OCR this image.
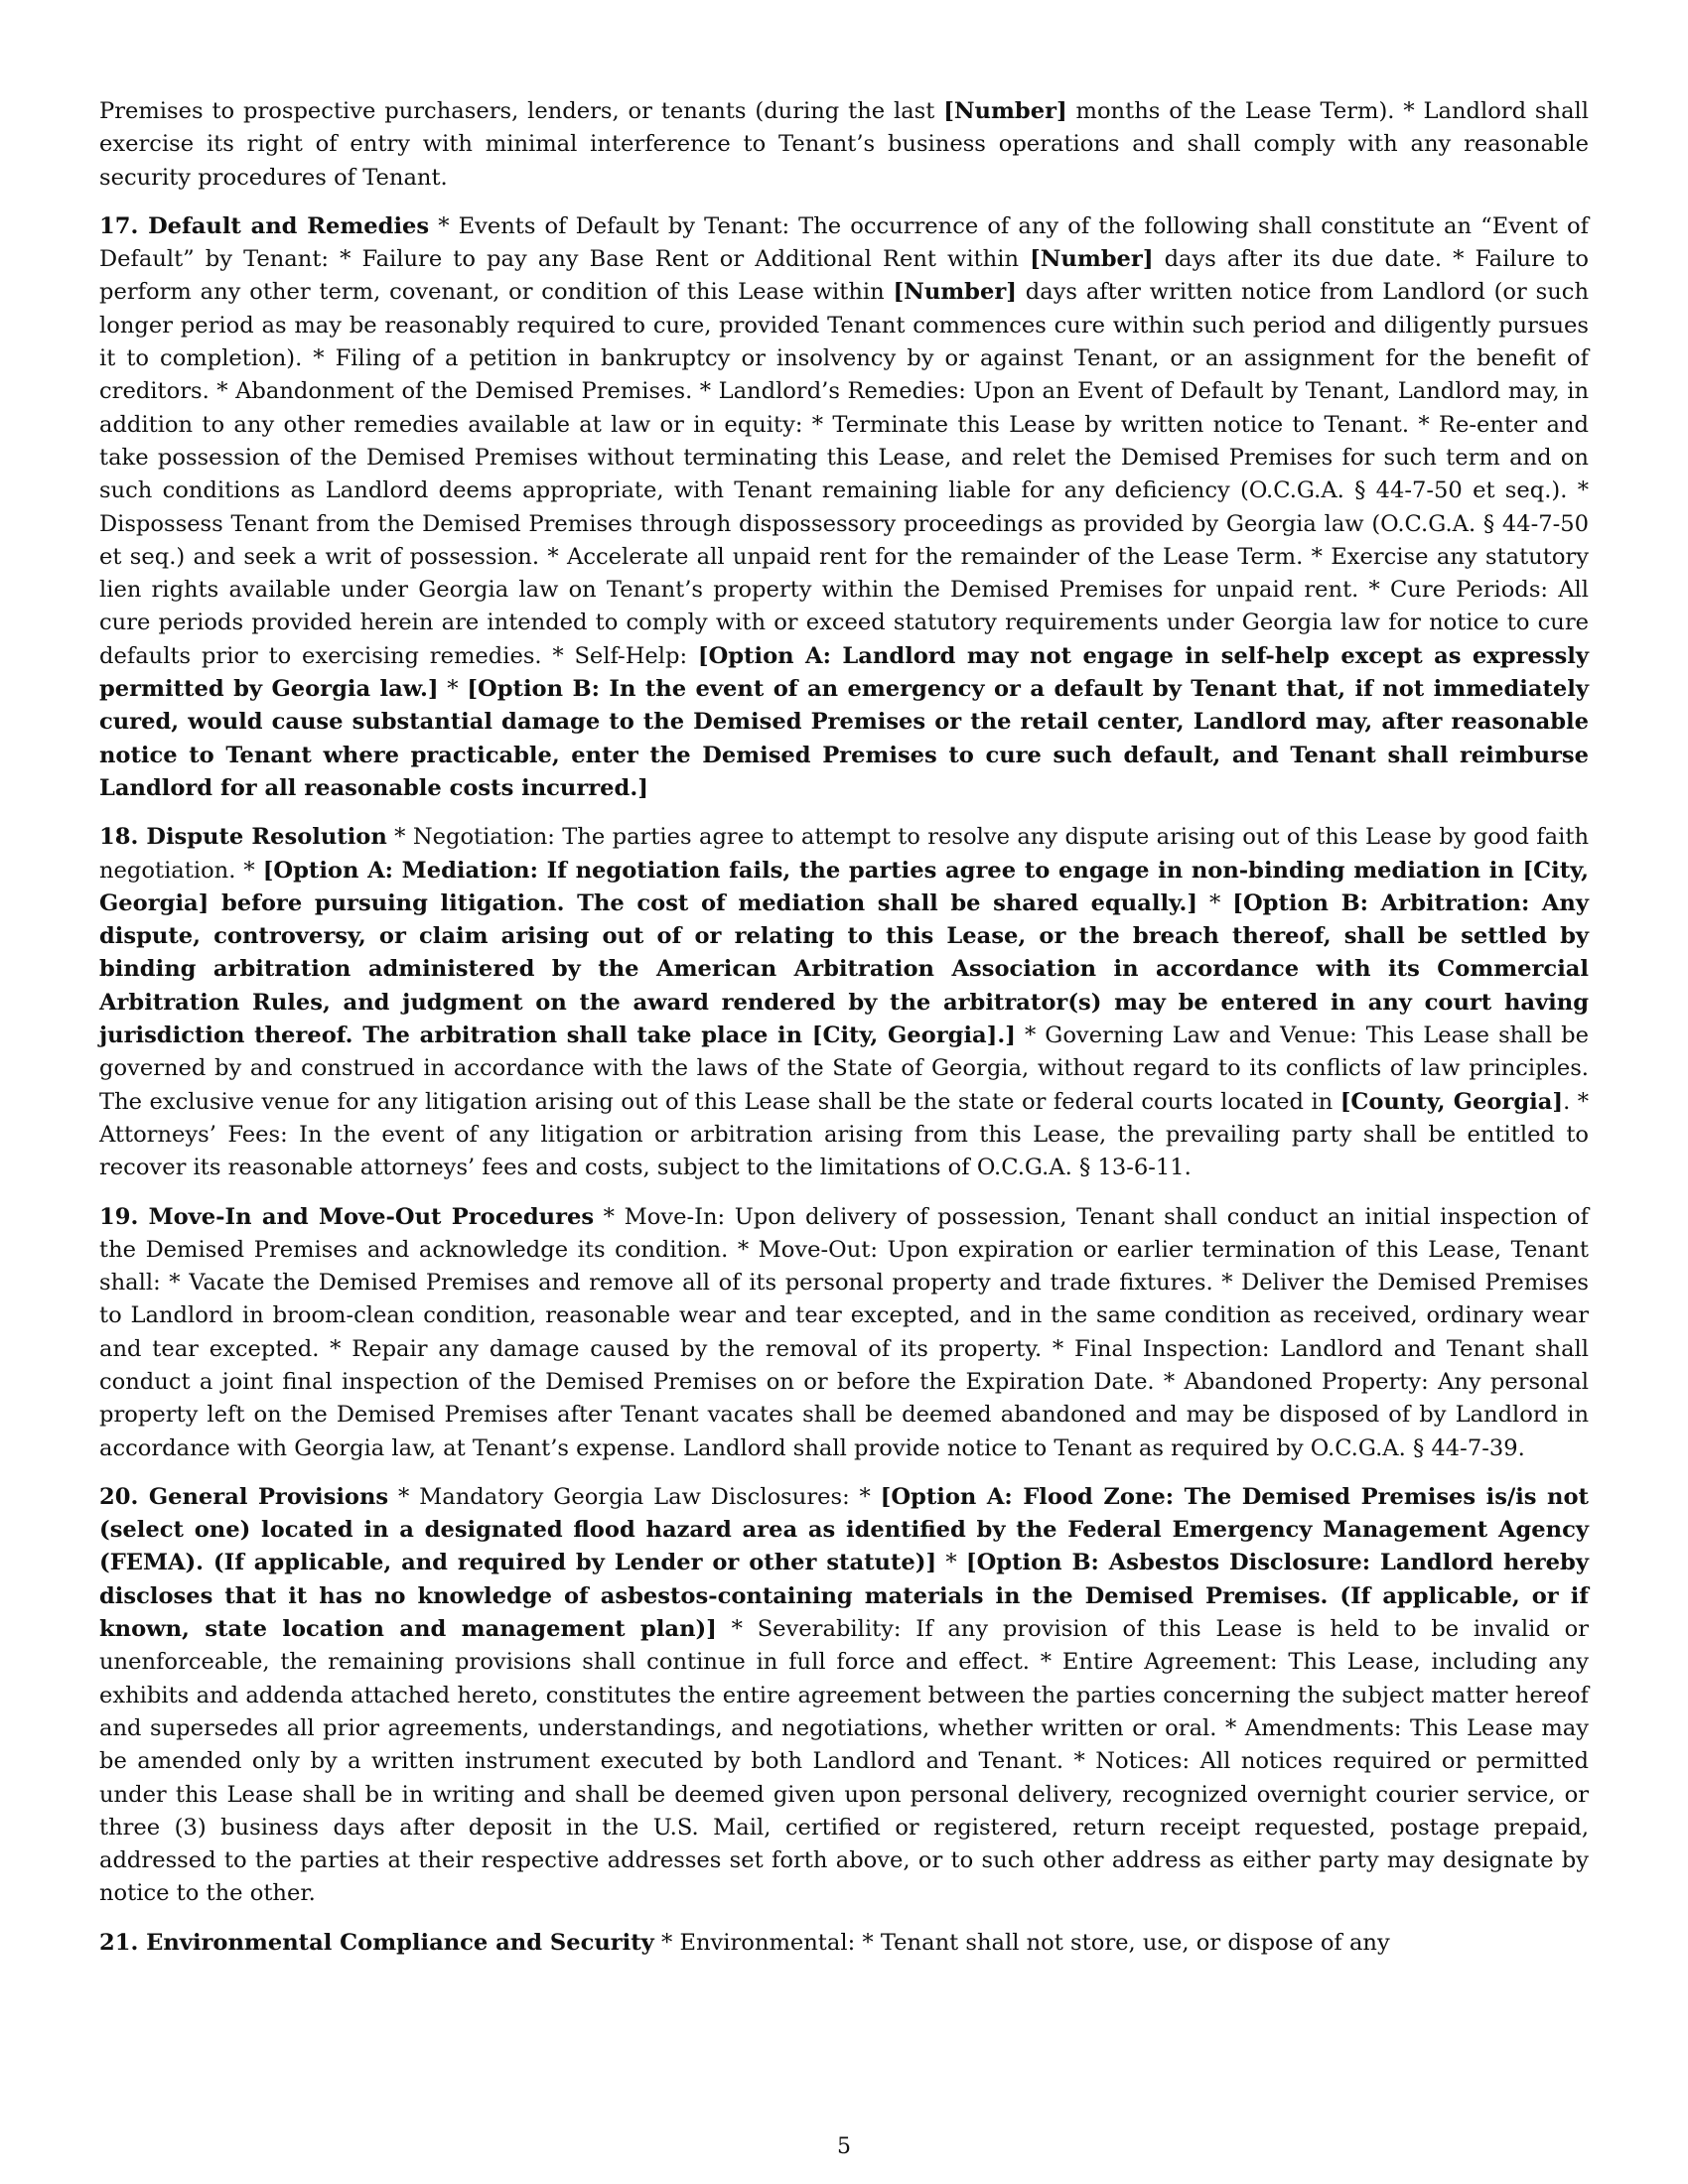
Premises to prospective purchasers, lenders, or tenants (during the last [Number] months of the Lease Term). * Landlord shall exercise its right of entry with minimal interference to Tenant’s business operations and shall comply with any reasonable security procedures of Tenant.

17. Default and Remedies * Events of Default by Tenant: The occurrence of any of the following shall constitute an “Event of Default” by Tenant: * Failure to pay any Base Rent or Additional Rent within [Number] days after its due date. * Failure to perform any other term, covenant, or condition of this Lease within [Number] days after written notice from Landlord (or such longer period as may be reasonably required to cure, provided Tenant commences cure within such period and diligently pursues it to completion). * Filing of a petition in bankruptcy or insolvency by or against Tenant, or an assignment for the benefit of creditors. * Abandonment of the Demised Premises. * Landlord’s Remedies: Upon an Event of Default by Tenant, Landlord may, in addition to any other remedies available at law or in equity: * Terminate this Lease by written notice to Tenant. * Re-enter and take possession of the Demised Premises without terminating this Lease, and relet the Demised Premises for such term and on such conditions as Landlord deems appropriate, with Tenant remaining liable for any deficiency (O.C.G.A. § 44-7-50 et seq.). * Dispossess Tenant from the Demised Premises through dispossessory proceedings as provided by Georgia law (O.C.G.A. § 44-7-50 et seq.) and seek a writ of possession. * Accelerate all unpaid rent for the remainder of the Lease Term. * Exercise any statutory lien rights available under Georgia law on Tenant’s property within the Demised Premises for unpaid rent. * Cure Periods: All cure periods provided herein are intended to comply with or exceed statutory requirements under Georgia law for notice to cure defaults prior to exercising remedies. * Self-Help: [Option A: Landlord may not engage in self-help except as expressly permitted by Georgia law.] * [Option B: In the event of an emergency or a default by Tenant that, if not immediately cured, would cause substantial damage to the Demised Premises or the retail center, Landlord may, after reasonable notice to Tenant where practicable, enter the Demised Premises to cure such default, and Tenant shall reimburse Landlord for all reasonable costs incurred.]

18. Dispute Resolution * Negotiation: The parties agree to attempt to resolve any dispute arising out of this Lease by good faith negotiation. * [Option A: Mediation: If negotiation fails, the parties agree to engage in non-binding mediation in [City, Georgia] before pursuing litigation. The cost of mediation shall be shared equally.] * [Option B: Arbitration: Any dispute, controversy, or claim arising out of or relating to this Lease, or the breach thereof, shall be settled by binding arbitration administered by the American Arbitration Association in accordance with its Commercial Arbitration Rules, and judgment on the award rendered by the arbitrator(s) may be entered in any court having jurisdiction thereof. The arbitration shall take place in [City, Georgia].] * Governing Law and Venue: This Lease shall be governed by and construed in accordance with the laws of the State of Georgia, without regard to its conflicts of law principles. The exclusive venue for any litigation arising out of this Lease shall be the state or federal courts located in [County, Georgia]. * Attorneys’ Fees: In the event of any litigation or arbitration arising from this Lease, the prevailing party shall be entitled to recover its reasonable attorneys’ fees and costs, subject to the limitations of O.C.G.A. § 13-6-11.

19. Move-In and Move-Out Procedures * Move-In: Upon delivery of possession, Tenant shall conduct an initial inspection of the Demised Premises and acknowledge its condition. * Move-Out: Upon expiration or earlier termination of this Lease, Tenant shall: * Vacate the Demised Premises and remove all of its personal property and trade fixtures. * Deliver the Demised Premises to Landlord in broom-clean condition, reasonable wear and tear excepted, and in the same condition as received, ordinary wear and tear excepted. * Repair any damage caused by the removal of its property. * Final Inspection: Landlord and Tenant shall conduct a joint final inspection of the Demised Premises on or before the Expiration Date. * Abandoned Property: Any personal property left on the Demised Premises after Tenant vacates shall be deemed abandoned and may be disposed of by Landlord in accordance with Georgia law, at Tenant’s expense. Landlord shall provide notice to Tenant as required by O.C.G.A. § 44-7-39.

20. General Provisions * Mandatory Georgia Law Disclosures: * [Option A: Flood Zone: The Demised Premises is/is not (select one) located in a designated flood hazard area as identified by the Federal Emergency Management Agency (FEMA). (If applicable, and required by Lender or other statute)] * [Option B: Asbestos Disclosure: Landlord hereby discloses that it has no knowledge of asbestos-containing materials in the Demised Premises. (If applicable, or if known, state location and management plan)] * Severability: If any provision of this Lease is held to be invalid or unenforceable, the remaining provisions shall continue in full force and effect. * Entire Agreement: This Lease, including any exhibits and addenda attached hereto, constitutes the entire agreement between the parties concerning the subject matter hereof and supersedes all prior agreements, understandings, and negotiations, whether written or oral. * Amendments: This Lease may be amended only by a written instrument executed by both Landlord and Tenant. * Notices: All notices required or permitted under this Lease shall be in writing and shall be deemed given upon personal delivery, recognized overnight courier service, or three (3) business days after deposit in the U.S. Mail, certified or registered, return receipt requested, postage prepaid, addressed to the parties at their respective addresses set forth above, or to such other address as either party may designate by notice to the other.

21. Environmental Compliance and Security * Environmental: * Tenant shall not store, use, or dispose of any

5
